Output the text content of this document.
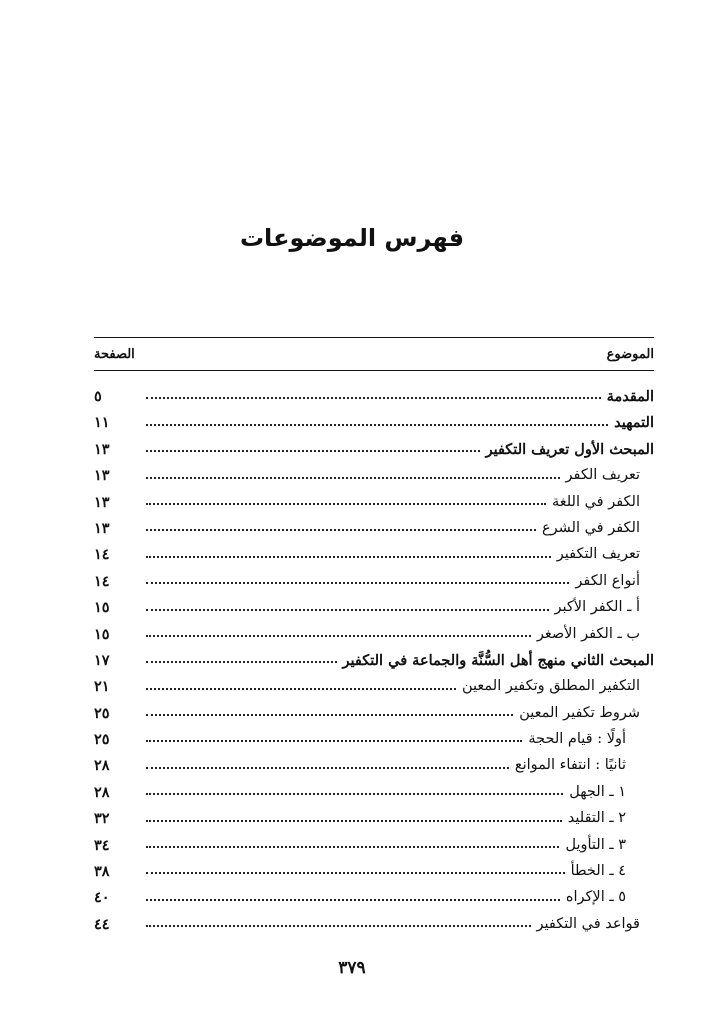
فهرس الموضوعات
الموضوع
الصفحة
المقدمة
٥
التمهيد
١١
المبحث الأول تعريف التكفير
١٣
تعريف الكفر
١٣
الكفر في اللغة
١٣
الكفر في الشرع
١٣
تعريف التكفير
١٤
أنواع الكفر
١٤
أ ـ الكفر الأكبر
١٥
ب ـ الكفر الأصغر
١٥
المبحث الثاني منهج أهل السُّنَّة والجماعة في التكفير
١٧
التكفير المطلق وتكفير المعين
٢١
شروط تكفير المعين
٢٥
أولًا : قيام الحجة
٢٥
ثانيًا : انتفاء الموانع
٢٨
١ ـ الجهل
٢٨
٢ ـ التقليد
٣٢
٣ ـ التأويل
٣٤
٤ ـ الخطأ
٣٨
٥ ـ الإكراه
٤٠
قواعد في التكفير
٤٤
٣٧٩
